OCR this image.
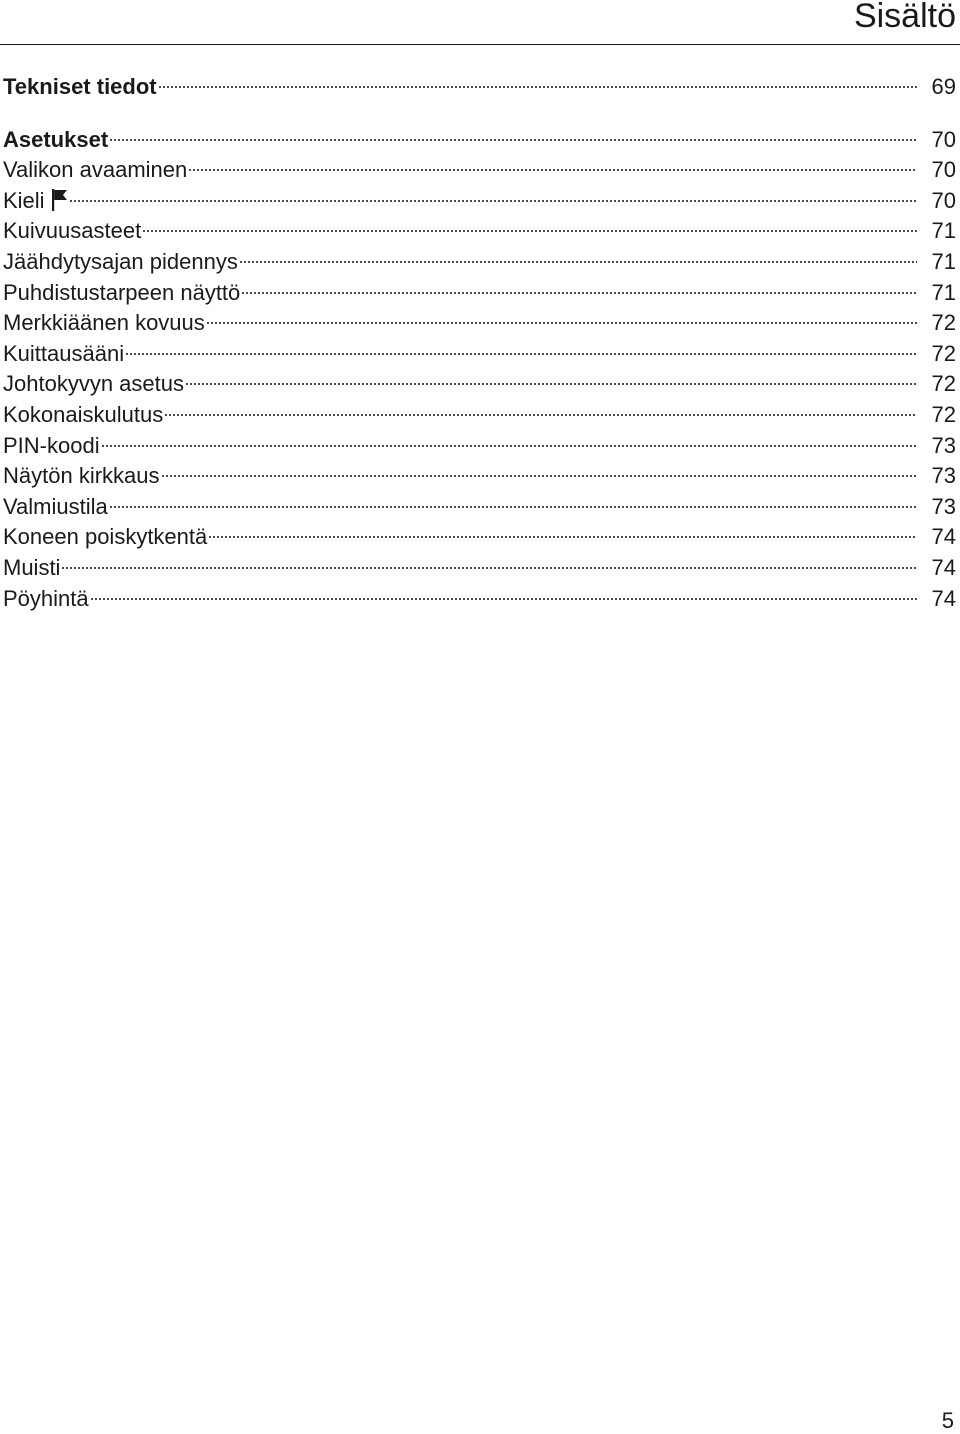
Sisältö
Tekniset tiedot	69
Asetukset	70
Valikon avaaminen	70
Kieli	70
Kuivuusasteet	71
Jäähdytysajan pidennys	71
Puhdistustarpeen näyttö	71
Merkkiäänen kovuus	72
Kuittausääni	72
Johtokyvyn asetus	72
Kokonaiskulutus	72
PIN-koodi	73
Näytön kirkkaus	73
Valmiustila	73
Koneen poiskytkentä	74
Muisti	74
Pöyhintä	74
5
